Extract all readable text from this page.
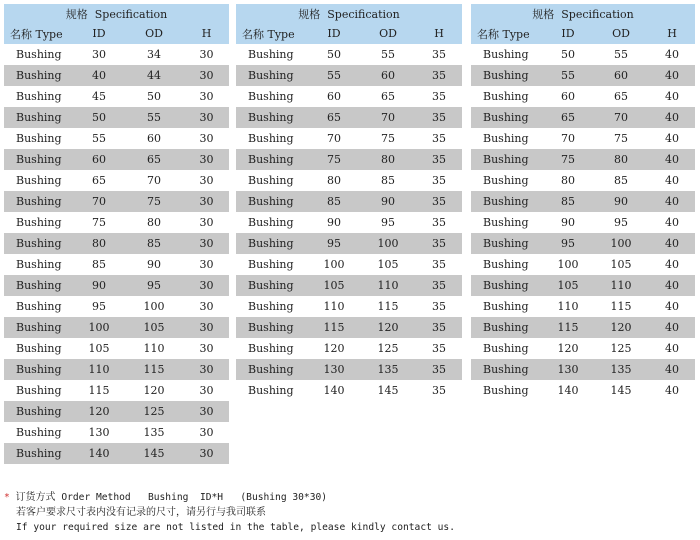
规格 Specification			
名称 Type	ID	OD	H
Bushing	30	34	30
Bushing	40	44	30
Bushing	45	50	30
Bushing	50	55	30
Bushing	55	60	30
Bushing	60	65	30
Bushing	65	70	30
Bushing	70	75	30
Bushing	75	80	30
Bushing	80	85	30
Bushing	85	90	30
Bushing	90	95	30
Bushing	95	100	30
Bushing	100	105	30
Bushing	105	110	30
Bushing	110	115	30
Bushing	115	120	30
Bushing	120	125	30
Bushing	130	135	30
Bushing	140	145	30
规格 Specification			
名称 Type	ID	OD	H
Bushing	50	55	35
Bushing	55	60	35
Bushing	60	65	35
Bushing	65	70	35
Bushing	70	75	35
Bushing	75	80	35
Bushing	80	85	35
Bushing	85	90	35
Bushing	90	95	35
Bushing	95	100	35
Bushing	100	105	35
Bushing	105	110	35
Bushing	110	115	35
Bushing	115	120	35
Bushing	120	125	35
Bushing	130	135	35
Bushing	140	145	35
规格 Specification			
名称 Type	ID	OD	H
Bushing	50	55	40
Bushing	55	60	40
Bushing	60	65	40
Bushing	65	70	40
Bushing	70	75	40
Bushing	75	80	40
Bushing	80	85	40
Bushing	85	90	40
Bushing	90	95	40
Bushing	95	100	40
Bushing	100	105	40
Bushing	105	110	40
Bushing	110	115	40
Bushing	115	120	40
Bushing	120	125	40
Bushing	130	135	40
Bushing	140	145	40
* 订货方式 Order Method   Bushing  ID*H   (Bushing 30*30)
若客户要求尺寸表内没有记录的尺寸，请另行与我司联系
If your required size are not listed in the table, please kindly contact us.
